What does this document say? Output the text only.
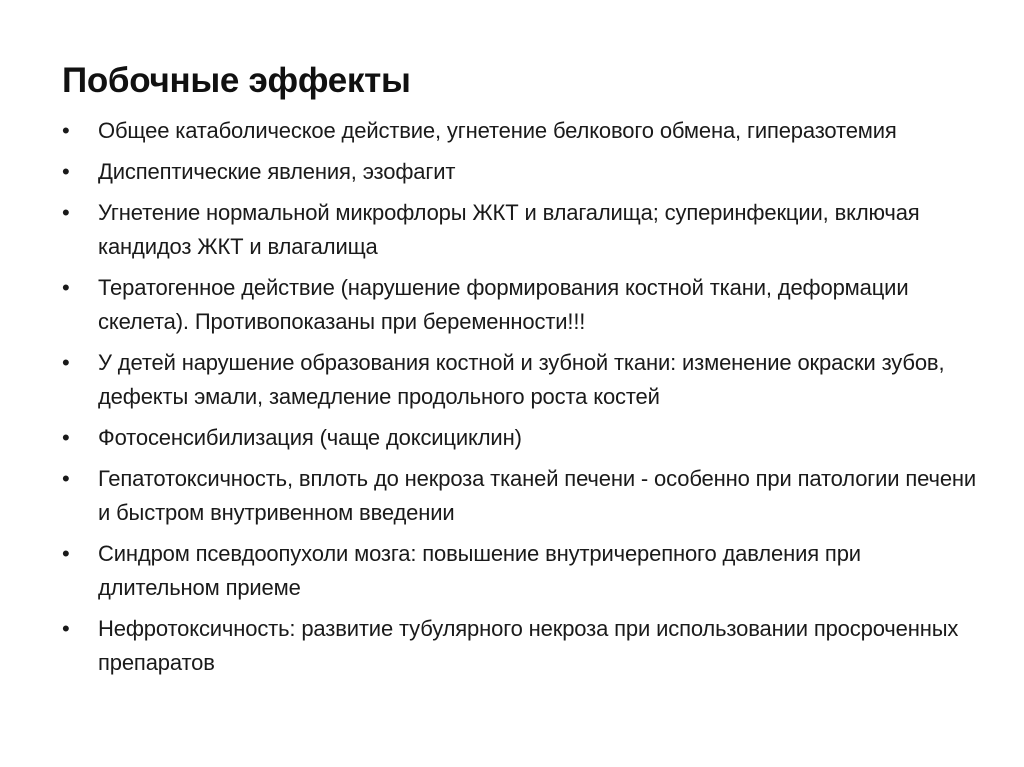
Побочные эффекты
• Общее катаболическое действие, угнетение белкового обмена, гиперазотемия
• Диспептические явления, эзофагит
• Угнетение нормальной микрофлоры ЖКТ и влагалища; суперинфекции, включая кандидоз ЖКТ и влагалища
• Тератогенное действие (нарушение формирования костной ткани, деформации скелета). Противопоказаны при беременности!!!
• У детей нарушение образования костной и зубной ткани: изменение окраски зубов, дефекты эмали, замедление продольного роста костей
• Фотосенсибилизация (чаще доксициклин)
• Гепатотоксичность, вплоть до некроза тканей печени - особенно при патологии печени и быстром внутривенном введении
• Синдром псевдоопухоли мозга: повышение внутричерепного давления при длительном приеме
• Нефротоксичность: развитие тубулярного некроза при использовании просроченных препаратов
